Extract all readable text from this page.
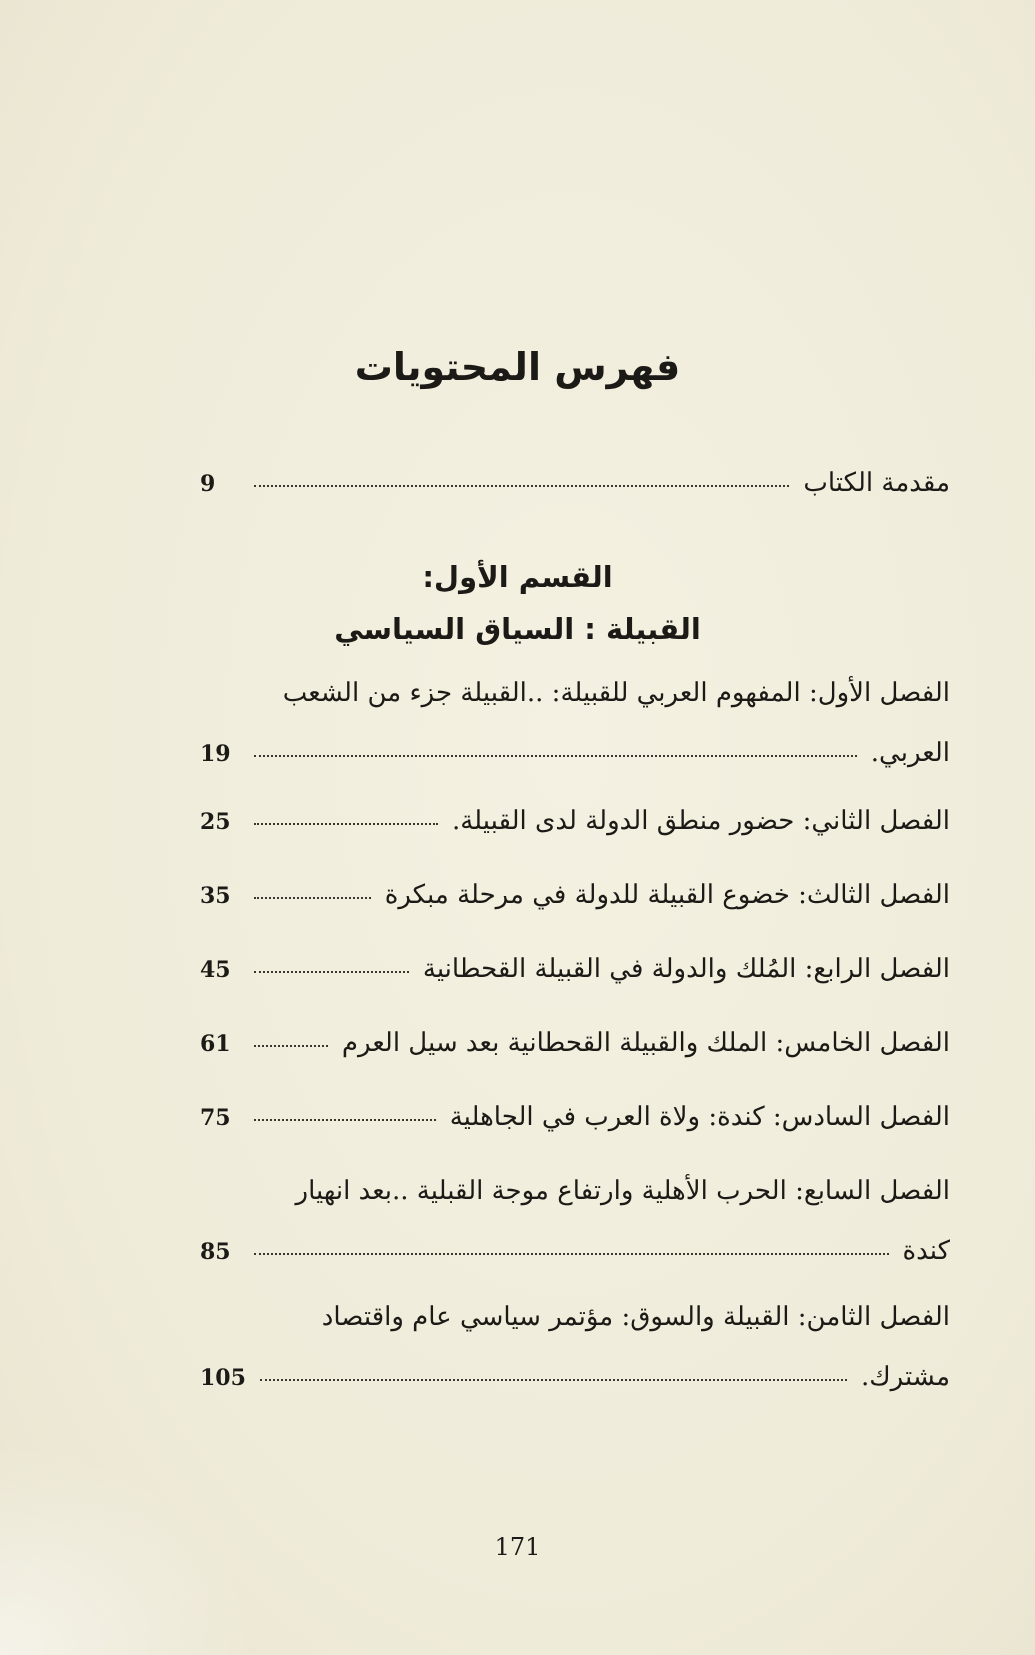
فهرس المحتويات
مقدمة الكتاب
9
القسم الأول:
القبيلة : السياق السياسي
الفصل الأول: المفهوم العربي للقبيلة: ..القبيلة جزء من الشعب
العربي.
19
الفصل الثاني: حضور منطق الدولة لدى القبيلة.
25
الفصل الثالث: خضوع القبيلة للدولة في مرحلة مبكرة
35
الفصل الرابع: المُلك والدولة في القبيلة القحطانية
45
الفصل الخامس: الملك والقبيلة القحطانية بعد سيل العرم
61
الفصل السادس: كندة: ولاة العرب في الجاهلية
75
الفصل السابع: الحرب الأهلية وارتفاع موجة القبلية ..بعد انهيار
كندة
85
الفصل الثامن: القبيلة والسوق: مؤتمر سياسي عام واقتصاد
مشترك.
105
171
